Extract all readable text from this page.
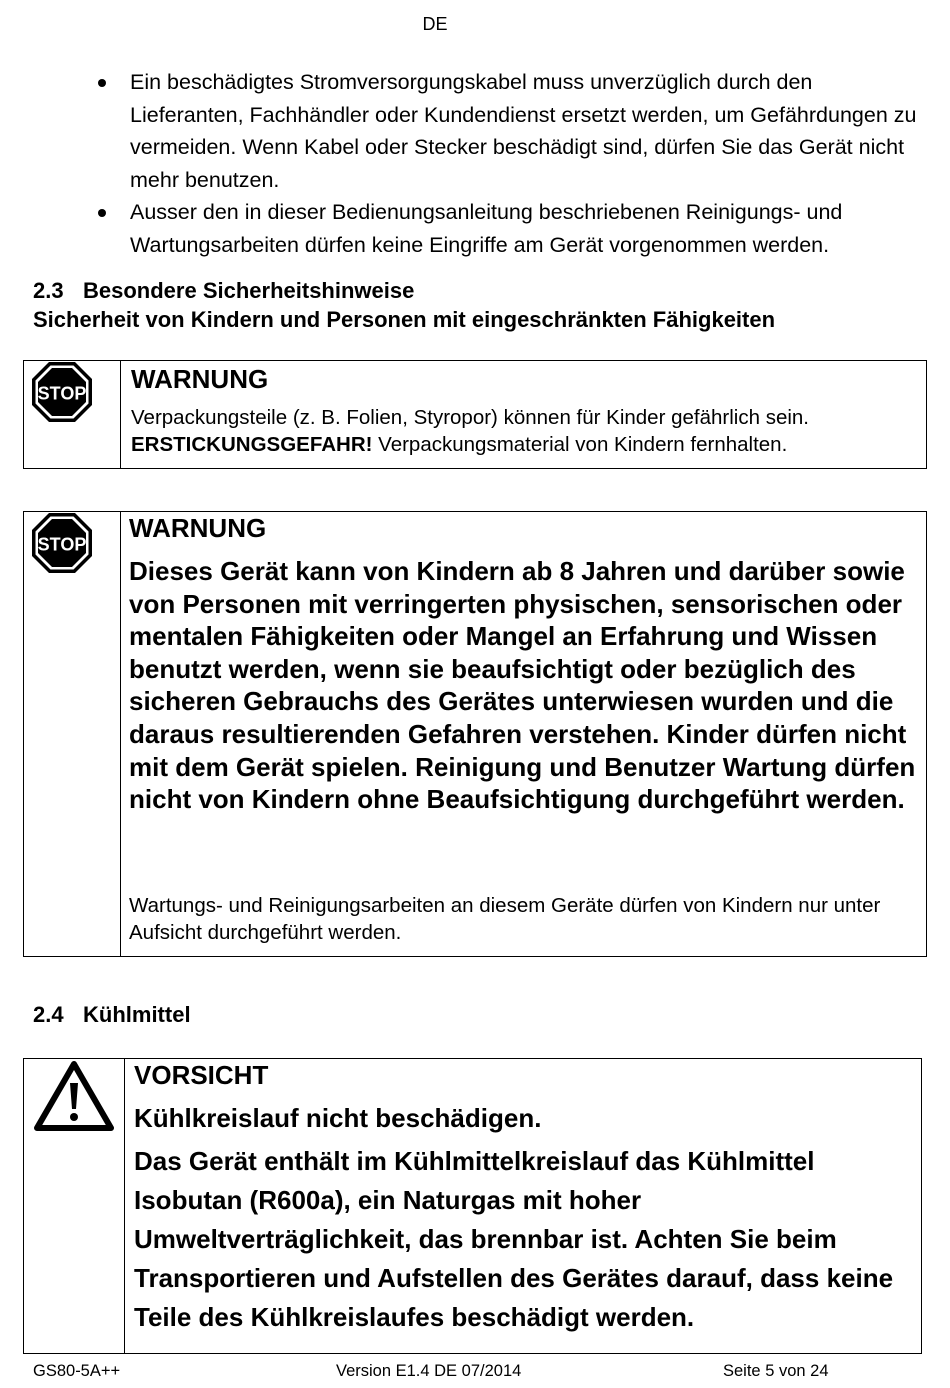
DE
Ein beschädigtes Stromversorgungskabel muss unverzüglich durch den Lieferanten, Fachhändler oder Kundendienst ersetzt werden, um Gefährdungen zu vermeiden. Wenn Kabel oder Stecker beschädigt sind, dürfen Sie das Gerät nicht mehr benutzen.
Ausser den in dieser Bedienungsanleitung beschriebenen Reinigungs- und Wartungsarbeiten dürfen keine Eingriffe am Gerät vorgenommen werden.
2.3 Besondere Sicherheitshinweise
Sicherheit von Kindern und Personen mit eingeschränkten Fähigkeiten
STOP WARNUNG
Verpackungsteile (z. B. Folien, Styropor) können für Kinder gefährlich sein.
ERSTICKUNGSGEFAHR! Verpackungsmaterial von Kindern fernhalten.
STOP
WARNUNG
Dieses Gerät kann von Kindern ab 8 Jahren und darüber sowie von Personen mit verringerten physischen, sensorischen oder mentalen Fähigkeiten oder Mangel an Erfahrung und Wissen benutzt werden, wenn sie beaufsichtigt oder bezüglich des sicheren Gebrauchs des Gerätes unterwiesen wurden und die daraus resultierenden Gefahren verstehen. Kinder dürfen nicht mit dem Gerät spielen. Reinigung und Benutzer Wartung dürfen nicht von Kindern ohne Beaufsichtigung durchgeführt werden.
Wartungs- und Reinigungsarbeiten an diesem Geräte dürfen von Kindern nur unter Aufsicht durchgeführt werden.
2.4 Kühlmittel
VORSICHT
Kühlkreislauf nicht beschädigen.
Das Gerät enthält im Kühlmittelkreislauf das Kühlmittel Isobutan (R600a), ein Naturgas mit hoher Umweltverträglichkeit, das brennbar ist. Achten Sie beim Transportieren und Aufstellen des Gerätes darauf, dass keine Teile des Kühlkreislaufes beschädigt werden.
GS80-5A++	Version E1.4 DE 07/2014	Seite 5 von 24
